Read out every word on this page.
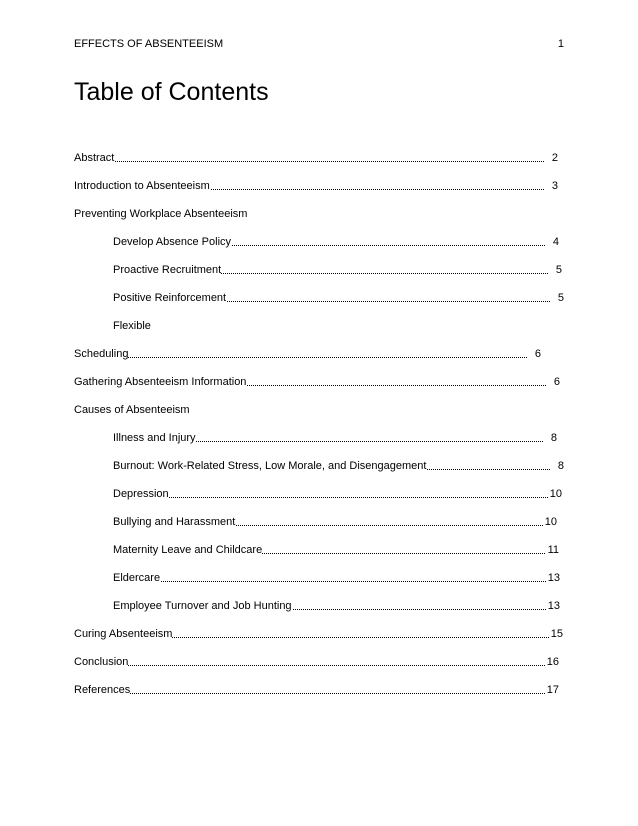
EFFECTS OF ABSENTEEISM	1
Table of Contents
Abstract	2
Introduction to Absenteeism	3
Preventing Workplace Absenteeism
Develop Absence Policy	4
Proactive Recruitment	5
Positive Reinforcement	5
Flexible
Scheduling	6
Gathering Absenteeism Information	6
Causes of Absenteeism
Illness and Injury	8
Burnout: Work-Related Stress, Low Morale, and Disengagement	8
Depression	10
Bullying and Harassment	10
Maternity Leave and Childcare	11
Eldercare	13
Employee Turnover and Job Hunting	13
Curing Absenteeism	15
Conclusion	16
References	17
